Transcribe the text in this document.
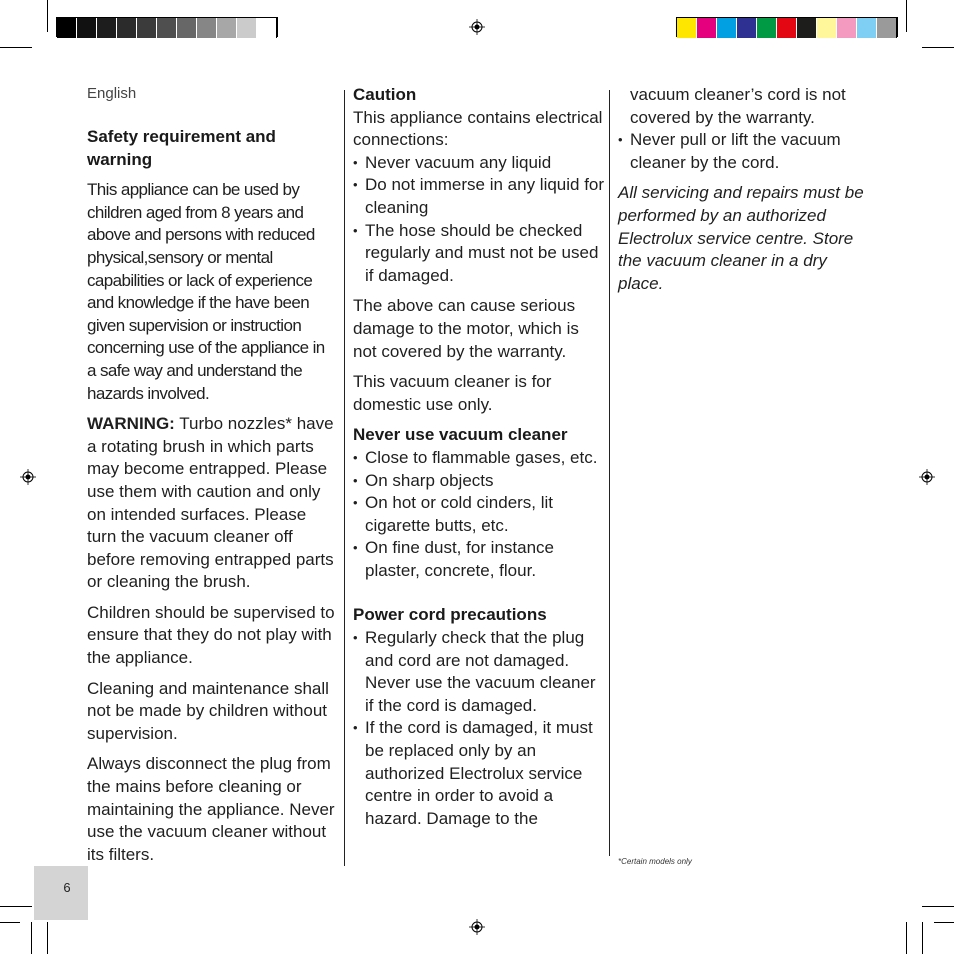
English
Safety requirement and warning

This appliance can be used by children aged from 8 years and above and persons with reduced physical,sensory or mental capabilities or lack of experience and knowledge if the have been given supervision or instruction concerning use of the appliance in a safe way and understand the hazards involved.

WARNING: Turbo nozzles* have a rotating brush in which parts may become entrapped. Please use them with caution and only on intended surfaces. Please turn the vacuum cleaner off before removing entrapped parts or cleaning the brush.

Children should be supervised to ensure that they do not play with the appliance.

Cleaning and maintenance shall not be made by children without supervision.

Always disconnect the plug from the mains before cleaning or maintaining the appliance. Never use the vacuum cleaner without its filters.

Caution

This appliance contains electrical connections:

• Never vacuum any liquid
• Do not immerse in any liquid for cleaning
• The hose should be checked regularly and must not be used if damaged.

The above can cause serious damage to the motor, which is not covered by the warranty.

This vacuum cleaner is for domestic use only.

Never use vacuum cleaner
• Close to flammable gases, etc.
• On sharp objects
• On hot or cold cinders, lit cigarette butts, etc.
• On fine dust, for instance plaster, concrete, flour.
Power cord precautions
• Regularly check that the plug and cord are not damaged. Never use the vacuum cleaner if the cord is damaged.
• If the cord is damaged, it must be replaced only by an authorized Electrolux service centre in order to avoid a hazard. Damage to the

vacuum cleaner’s cord is not covered by the warranty.

• Never pull or lift the vacuum cleaner by the cord.

All servicing and repairs must be performed by an authorized Electrolux service centre. Store the vacuum cleaner in a dry place.

*Certain models only
6
